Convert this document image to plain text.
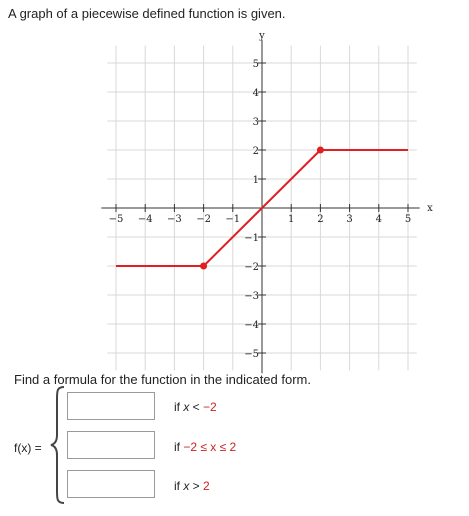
A graph of a piecewise defined function is given.
−5 −4 −3 −2 −1	1 2 3 4 5
5
4
3
2
1
−1
−2
−3
−4
−5
x
y
Find a formula for the function in the indicated form.
f(x) =
if x < −2
if −2 ≤ x ≤ 2
if x > 2
